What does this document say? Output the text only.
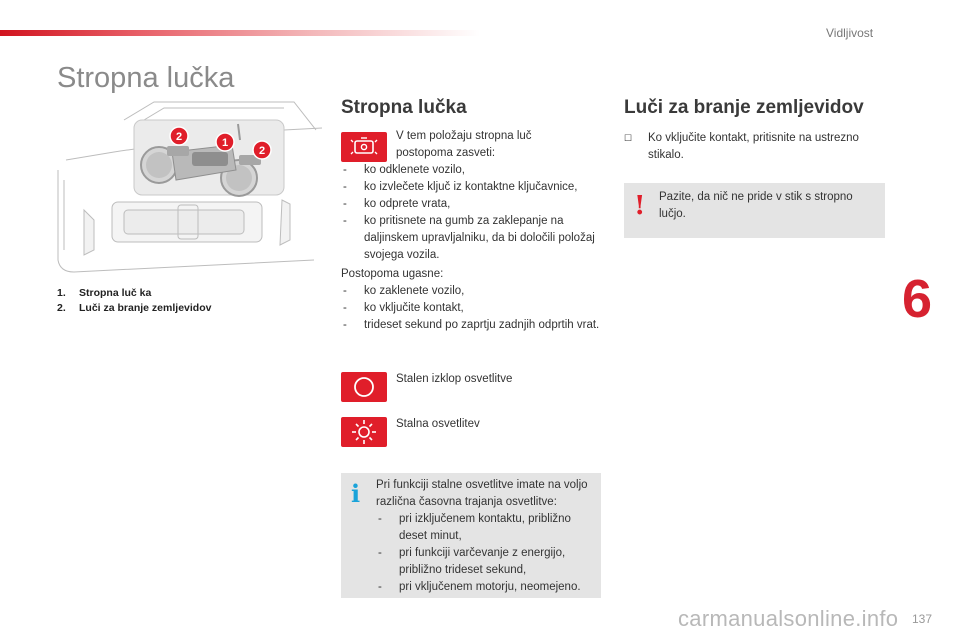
Vidljivost
Stropna lučka
2	1
2
1. Stropna luč ka
2. Luči za branje zemljevidov
Stropna lučka
V tem položaju stropna luč postopoma zasveti:
- ko odklenete vozilo,
- ko izvlečete ključ iz kontaktne ključavnice,
- ko odprete vrata,
- ko pritisnete na gumb za zaklepanje na daljinskem upravljalniku, da bi določili položaj svojega vozila.
Postopoma ugasne:
- ko zaklenete vozilo,
- ko vključite kontakt,
- trideset sekund po zaprtju zadnjih odprtih vrat.
Stalen izklop osvetlitve
Stalna osvetlitev
i Pri funkciji stalne osvetlitve imate na voljo različna časovna trajanja osvetlitve:
- pri izključenem kontaktu, približno deset minut,
- pri funkciji varčevanje z energijo, približno trideset sekund,
- pri vključenem motorju, neomejeno.
Luči za branje zemljevidov
☐	Ko vključite kontakt, pritisnite na ustrezno stikalo.
! Pazite, da nič ne pride v stik s stropno lučjo.
6
carmanualsonline.info 137
